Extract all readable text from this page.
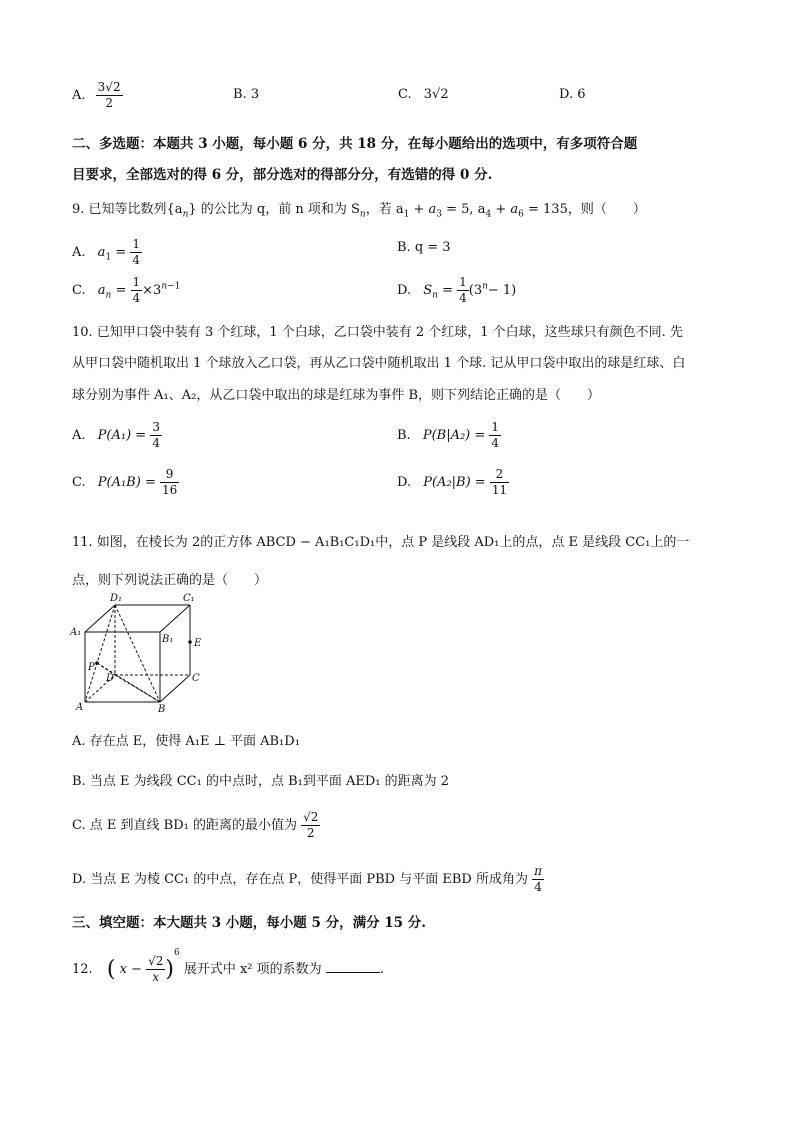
A. $\frac{3√2}{2}$	B. 3	C. 3√2	D. 6
二、多选题：本题共 3 小题，每小题 6 分，共 18 分，在每小题给出的选项中，有多项符合题
目要求，全部选对的得 6 分，部分选对的得部分分，有选错的得 0 分.
9. 已知等比数列$\{a_n\}$ 的公比为 q，前 n 项和为 $S_n$，若 $a_1 + a_3 = 5$, $a_4 + a_6 = 135$，则（　　）
A. $a_1 = \frac{1}{4}$	B. q = 3
C. $a_n = \frac{1}{4} \times 3^{n-1}$	D. $S_n = \frac{1}{4} (3^n- 1)$
10. 已知甲口袋中装有 3 个红球，1 个白球，乙口袋中装有 2 个红球，1 个白球，这些球只有颜色不同. 先
从甲口袋中随机取出 1 个球放入乙口袋，再从乙口袋中随机取出 1 个球. 记从甲口袋中取出的球是红球、白
球分别为事件 A₁、A₂，从乙口袋中取出的球是红球为事件 B，则下列结论正确的是（　　）
A. $P(A_1) = \frac{3}{4}$	B. $P(B|A_2) = \frac{1}{4}$
C. $P(A_1B) = \frac{9}{16}$	D. $P(A_2|B) = \frac{2}{11}$
11. 如图，在棱长为 2的正方体 ABCD − A₁B₁C₁D₁中，点 P 是线段 AD₁上的点，点 E 是线段 CC₁上的一
点，则下列说法正确的是（　　）
D₁	C₁
A₁
B₁ E
P
D	C
A	B
A. 存在点 E，使得 A₁E ⊥ 平面 AB₁D₁
B. 当点 E 为线段 CC₁ 的中点时，点 B₁到平面 AED₁ 的距离为 2
C. 点 E 到直线 BD₁ 的距离的最小值为 $\frac{√2}{2}$
D. 当点 E 为棱 CC₁ 的中点，存在点 P，使得平面 PBD 与平面 EBD 所成角为 $\frac{\pi}{4}$
三、填空题：本大题共 3 小题，每小题 5 分，满分 15 分.
12. ( $x - \frac{√2}{x} )^6$ 展开式中 x² 项的系数为	.
